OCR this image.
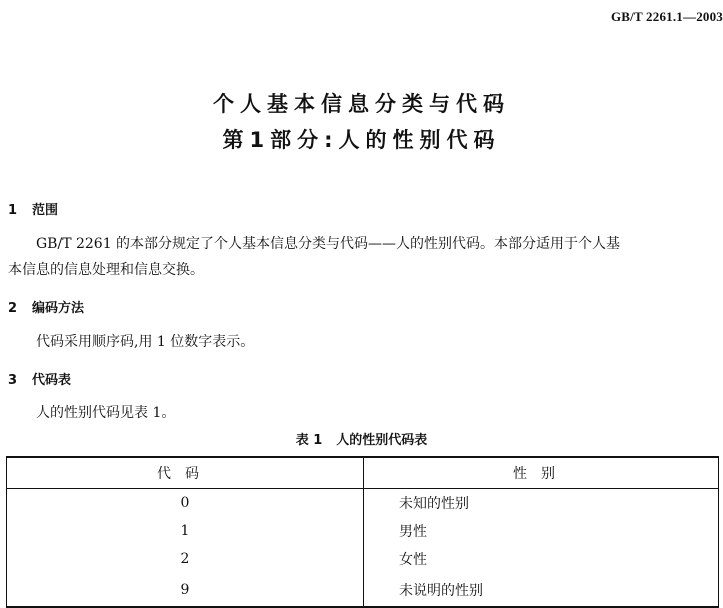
GB/T 2261.1—2003
个人基本信息分类与代码
第1部分:人的性别代码
1 范围
GB/T 2261 的本部分规定了个人基本信息分类与代码——人的性别代码。本部分适用于个人基
本信息的信息处理和信息交换。
2 编码方法
代码采用顺序码,用 1 位数字表示。
3 代码表
人的性别代码见表 1。
表 1 人的性别代码表
代码	性别
0	未知的性别
1	男性
2	女性
9	未说明的性别
